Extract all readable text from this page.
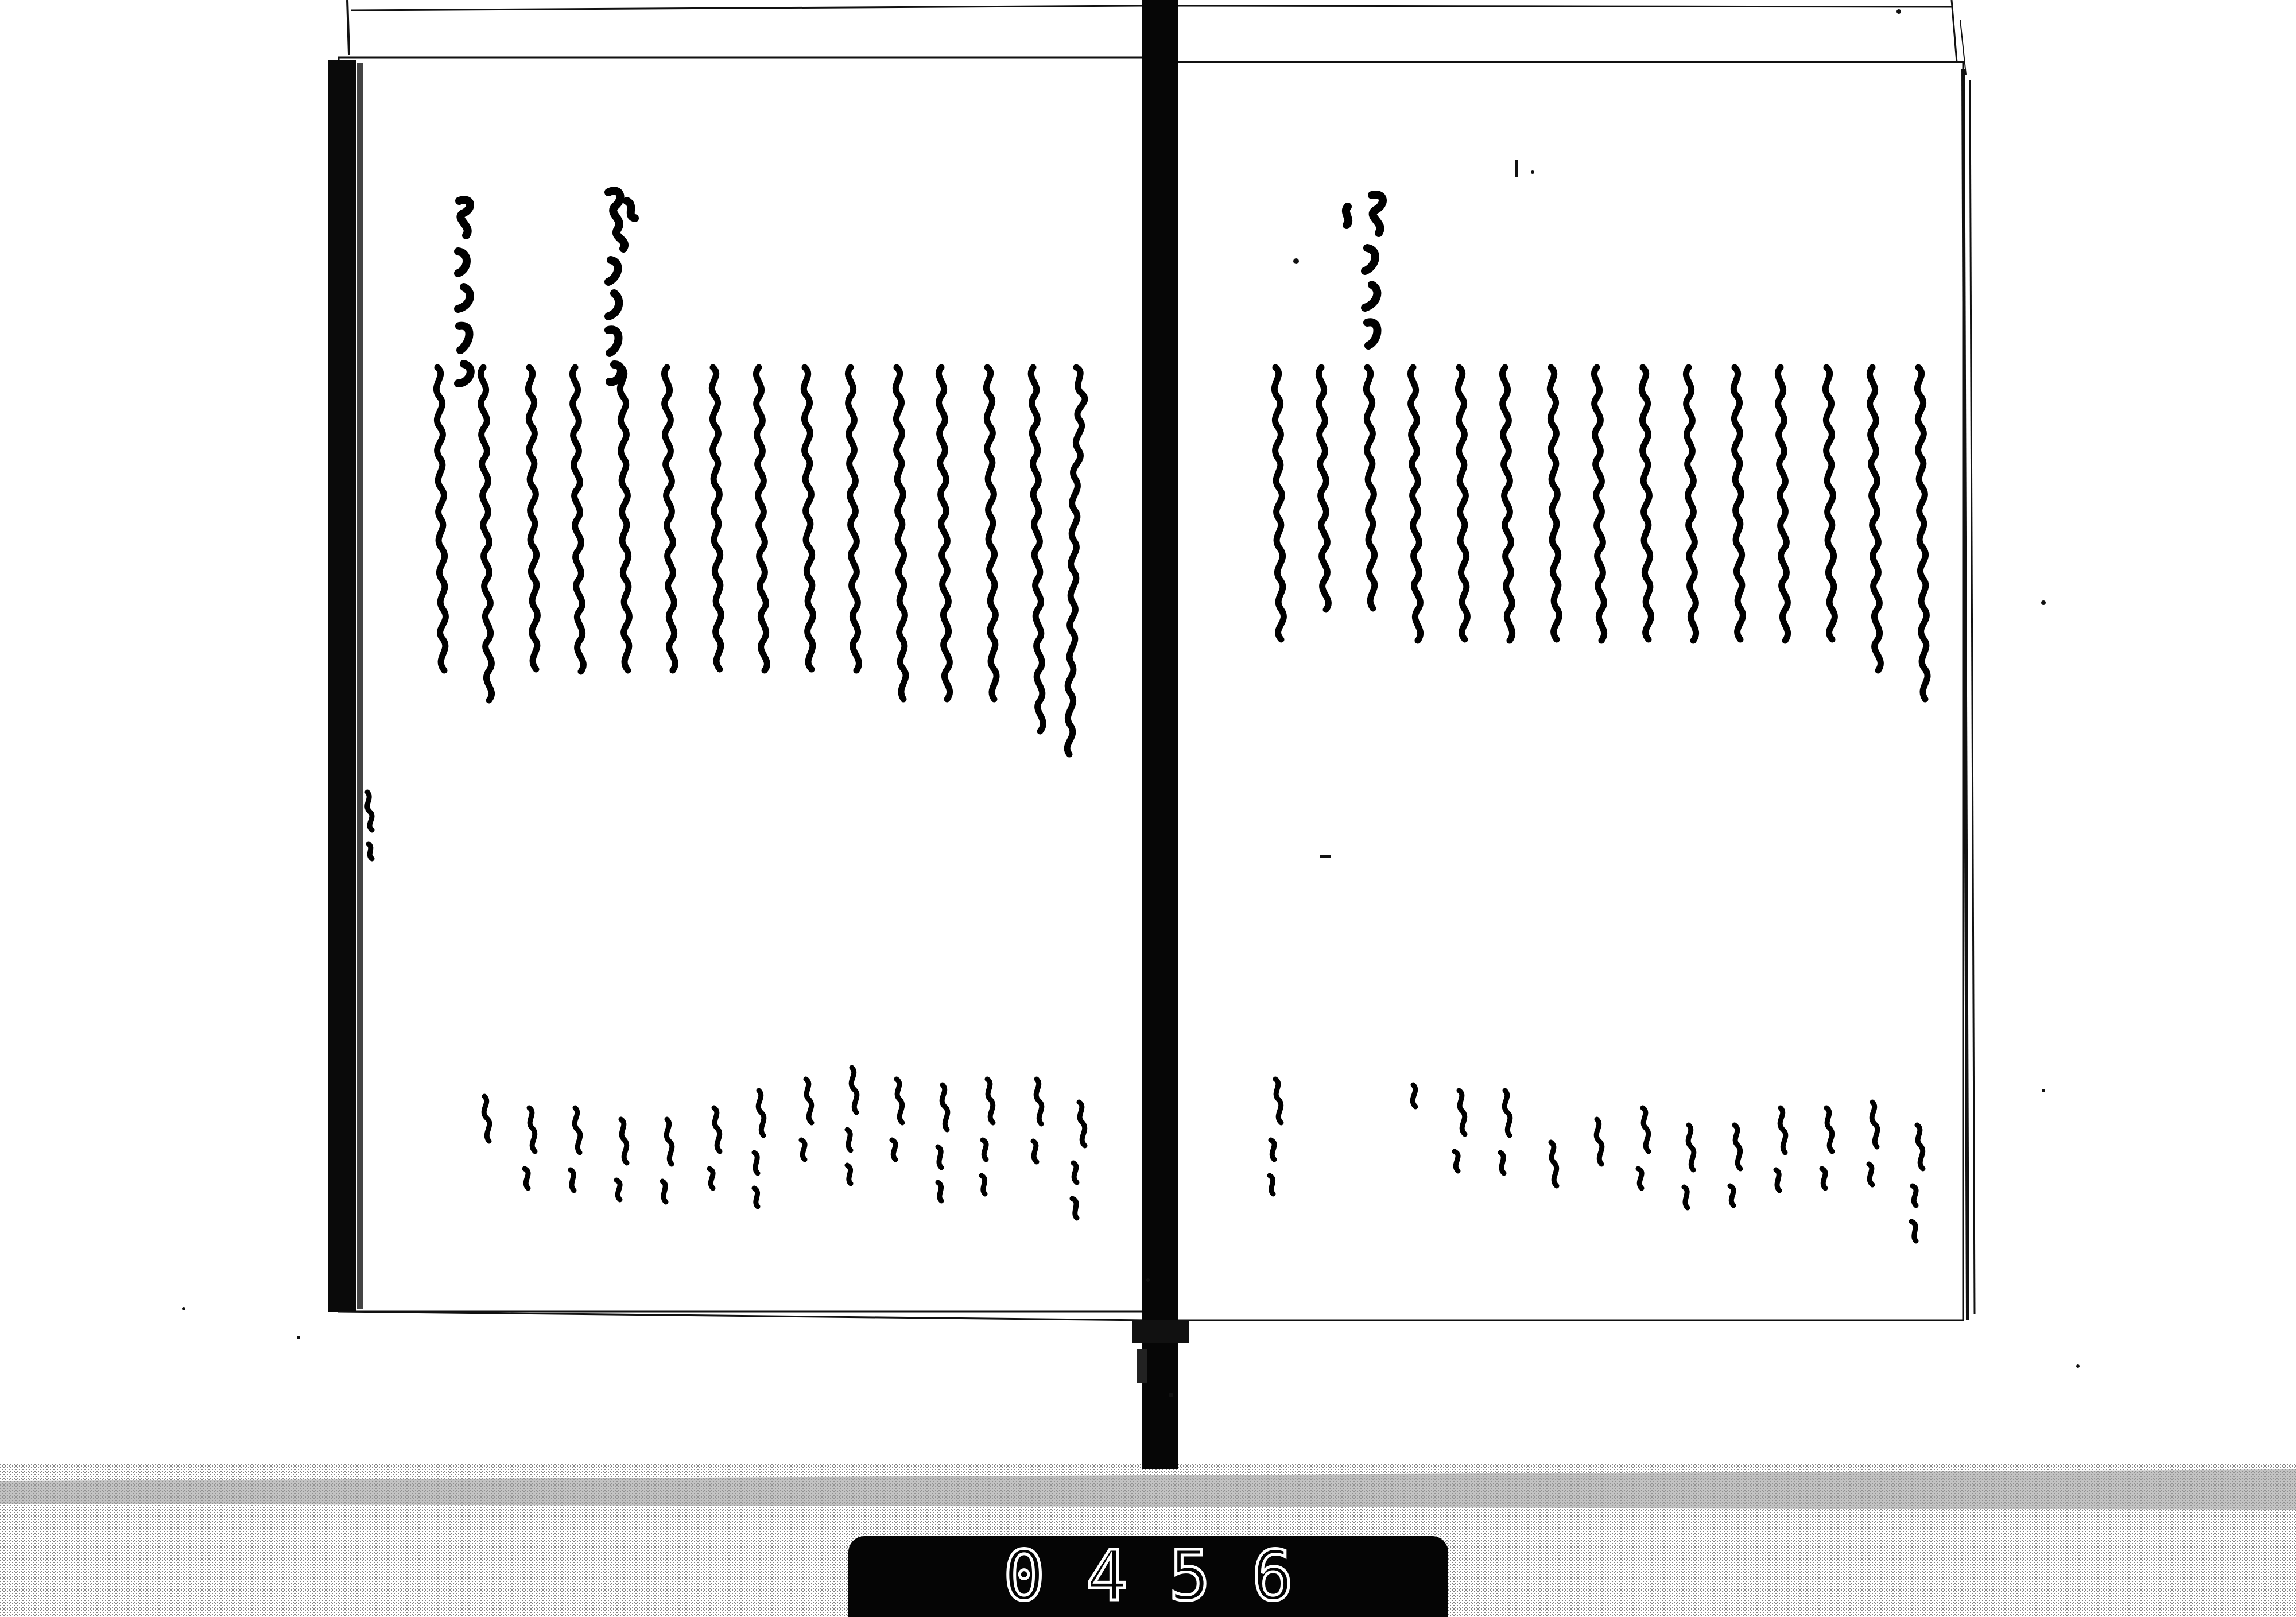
0456
